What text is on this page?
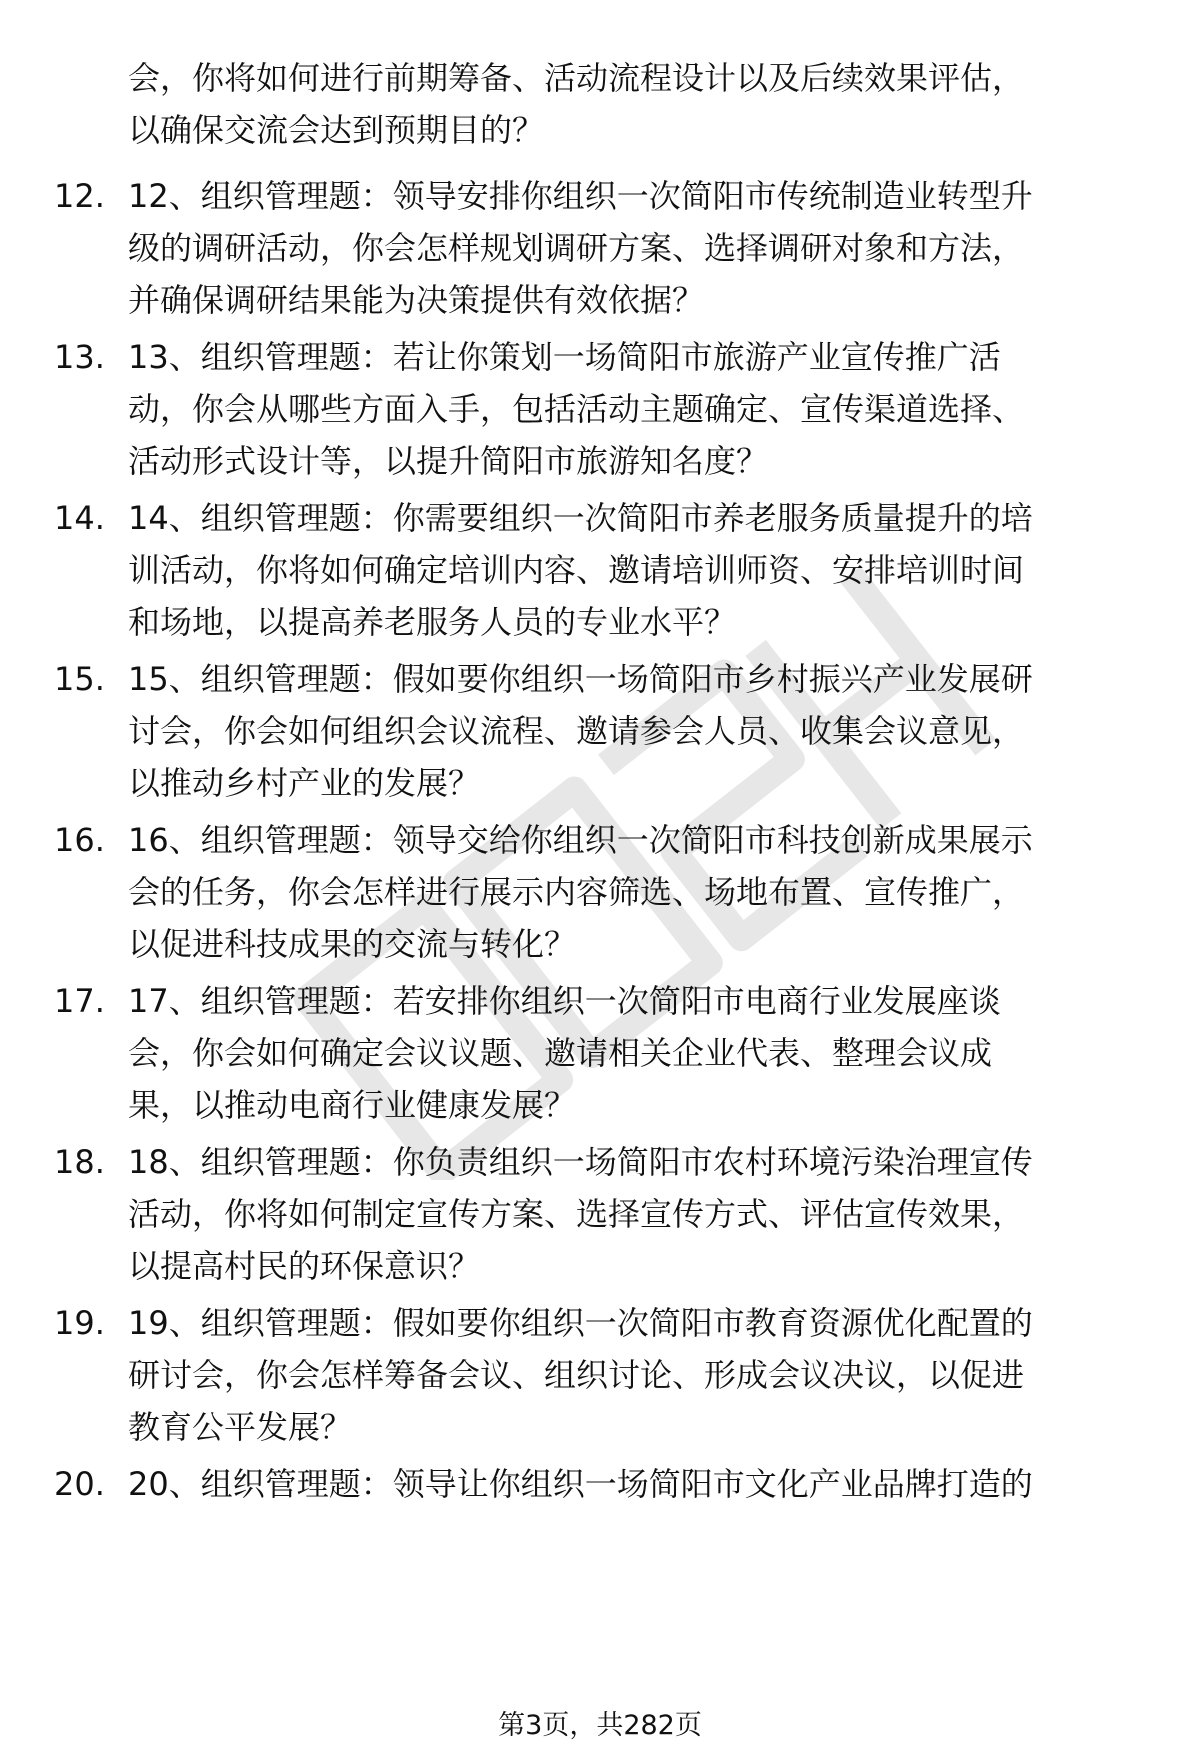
会，你将如何进行前期筹备、活动流程设计以及后续效果评估，
以确保交流会达到预期目的？
12. 12、组织管理题：领导安排你组织一次简阳市传统制造业转型升
级的调研活动，你会怎样规划调研方案、选择调研对象和方法，
并确保调研结果能为决策提供有效依据？
13. 13、组织管理题：若让你策划一场简阳市旅游产业宣传推广活
动，你会从哪些方面入手，包括活动主题确定、宣传渠道选择、
活动形式设计等，以提升简阳市旅游知名度？
14. 14、组织管理题：你需要组织一次简阳市养老服务质量提升的培
训活动，你将如何确定培训内容、邀请培训师资、安排培训时间
和场地，以提高养老服务人员的专业水平？
15. 15、组织管理题：假如要你组织一场简阳市乡村振兴产业发展研
讨会，你会如何组织会议流程、邀请参会人员、收集会议意见，
以推动乡村产业的发展？
16. 16、组织管理题：领导交给你组织一次简阳市科技创新成果展示
会的任务，你会怎样进行展示内容筛选、场地布置、宣传推广，
以促进科技成果的交流与转化？
17. 17、组织管理题：若安排你组织一次简阳市电商行业发展座谈
会，你会如何确定会议议题、邀请相关企业代表、整理会议成
果，以推动电商行业健康发展？
18. 18、组织管理题：你负责组织一场简阳市农村环境污染治理宣传
活动，你将如何制定宣传方案、选择宣传方式、评估宣传效果，
以提高村民的环保意识？
19. 19、组织管理题：假如要你组织一次简阳市教育资源优化配置的
研讨会，你会怎样筹备会议、组织讨论、形成会议决议，以促进
教育公平发展？
20. 20、组织管理题：领导让你组织一场简阳市文化产业品牌打造的
第3页，共282页
